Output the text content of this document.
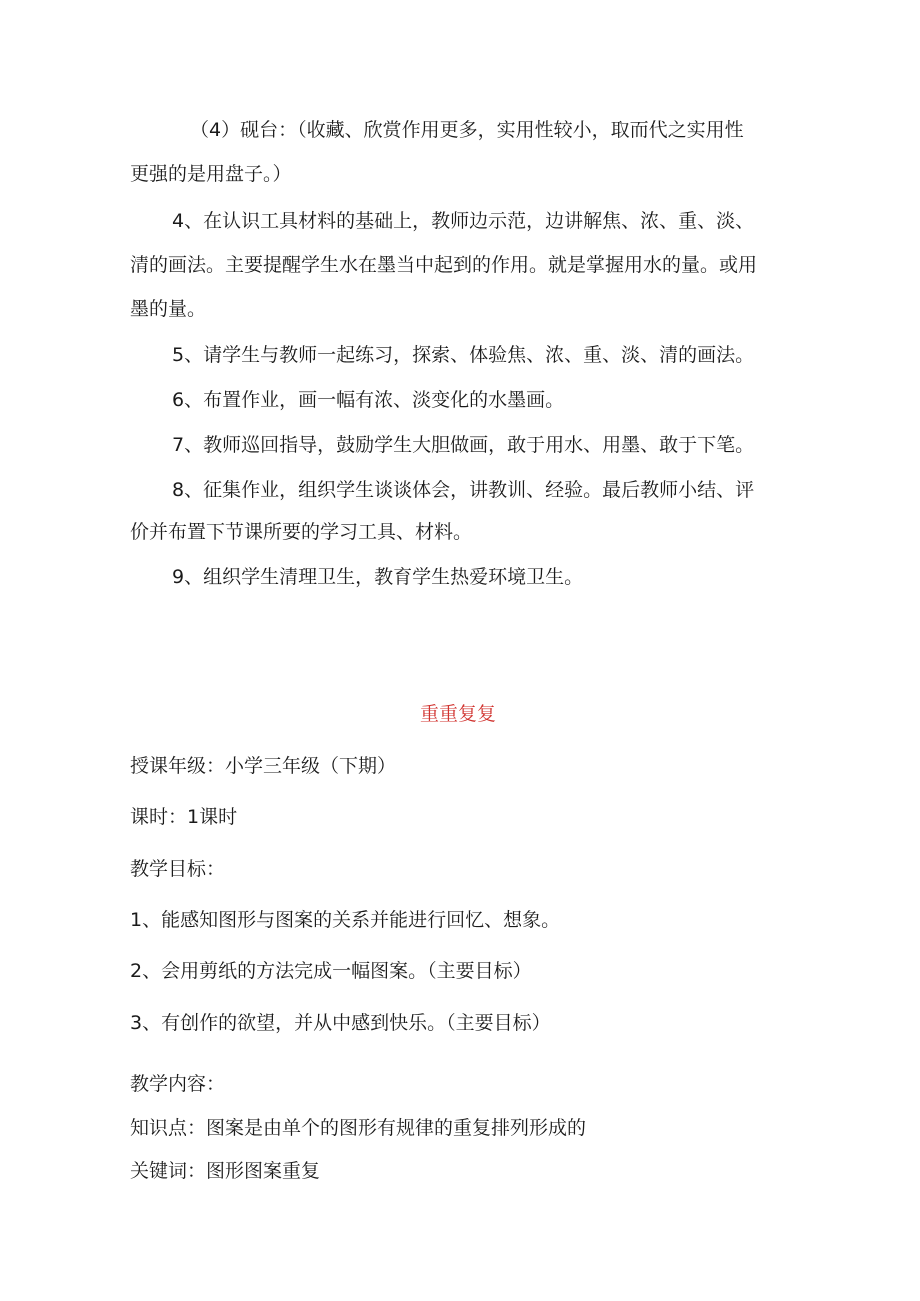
（4）砚台：（收藏、欣赏作用更多，实用性较小，取而代之实用性
更强的是用盘子。）
4、在认识工具材料的基础上，教师边示范，边讲解焦、浓、重、淡、
清的画法。主要提醒学生水在墨当中起到的作用。就是掌握用水的量。或用
墨的量。
5、请学生与教师一起练习，探索、体验焦、浓、重、淡、清的画法。
6、布置作业，画一幅有浓、淡变化的水墨画。
7、教师巡回指导，鼓励学生大胆做画，敢于用水、用墨、敢于下笔。
8、征集作业，组织学生谈谈体会，讲教训、经验。最后教师小结、评
价并布置下节课所要的学习工具、材料。
9、组织学生清理卫生，教育学生热爱环境卫生。
重重复复
授课年级：小学三年级（下期）
课时：1课时
教学目标：
1、能感知图形与图案的关系并能进行回忆、想象。
2、会用剪纸的方法完成一幅图案。（主要目标）
3、有创作的欲望，并从中感到快乐。（主要目标）
教学内容：
知识点：图案是由单个的图形有规律的重复排列形成的
关键词：图形图案重复
